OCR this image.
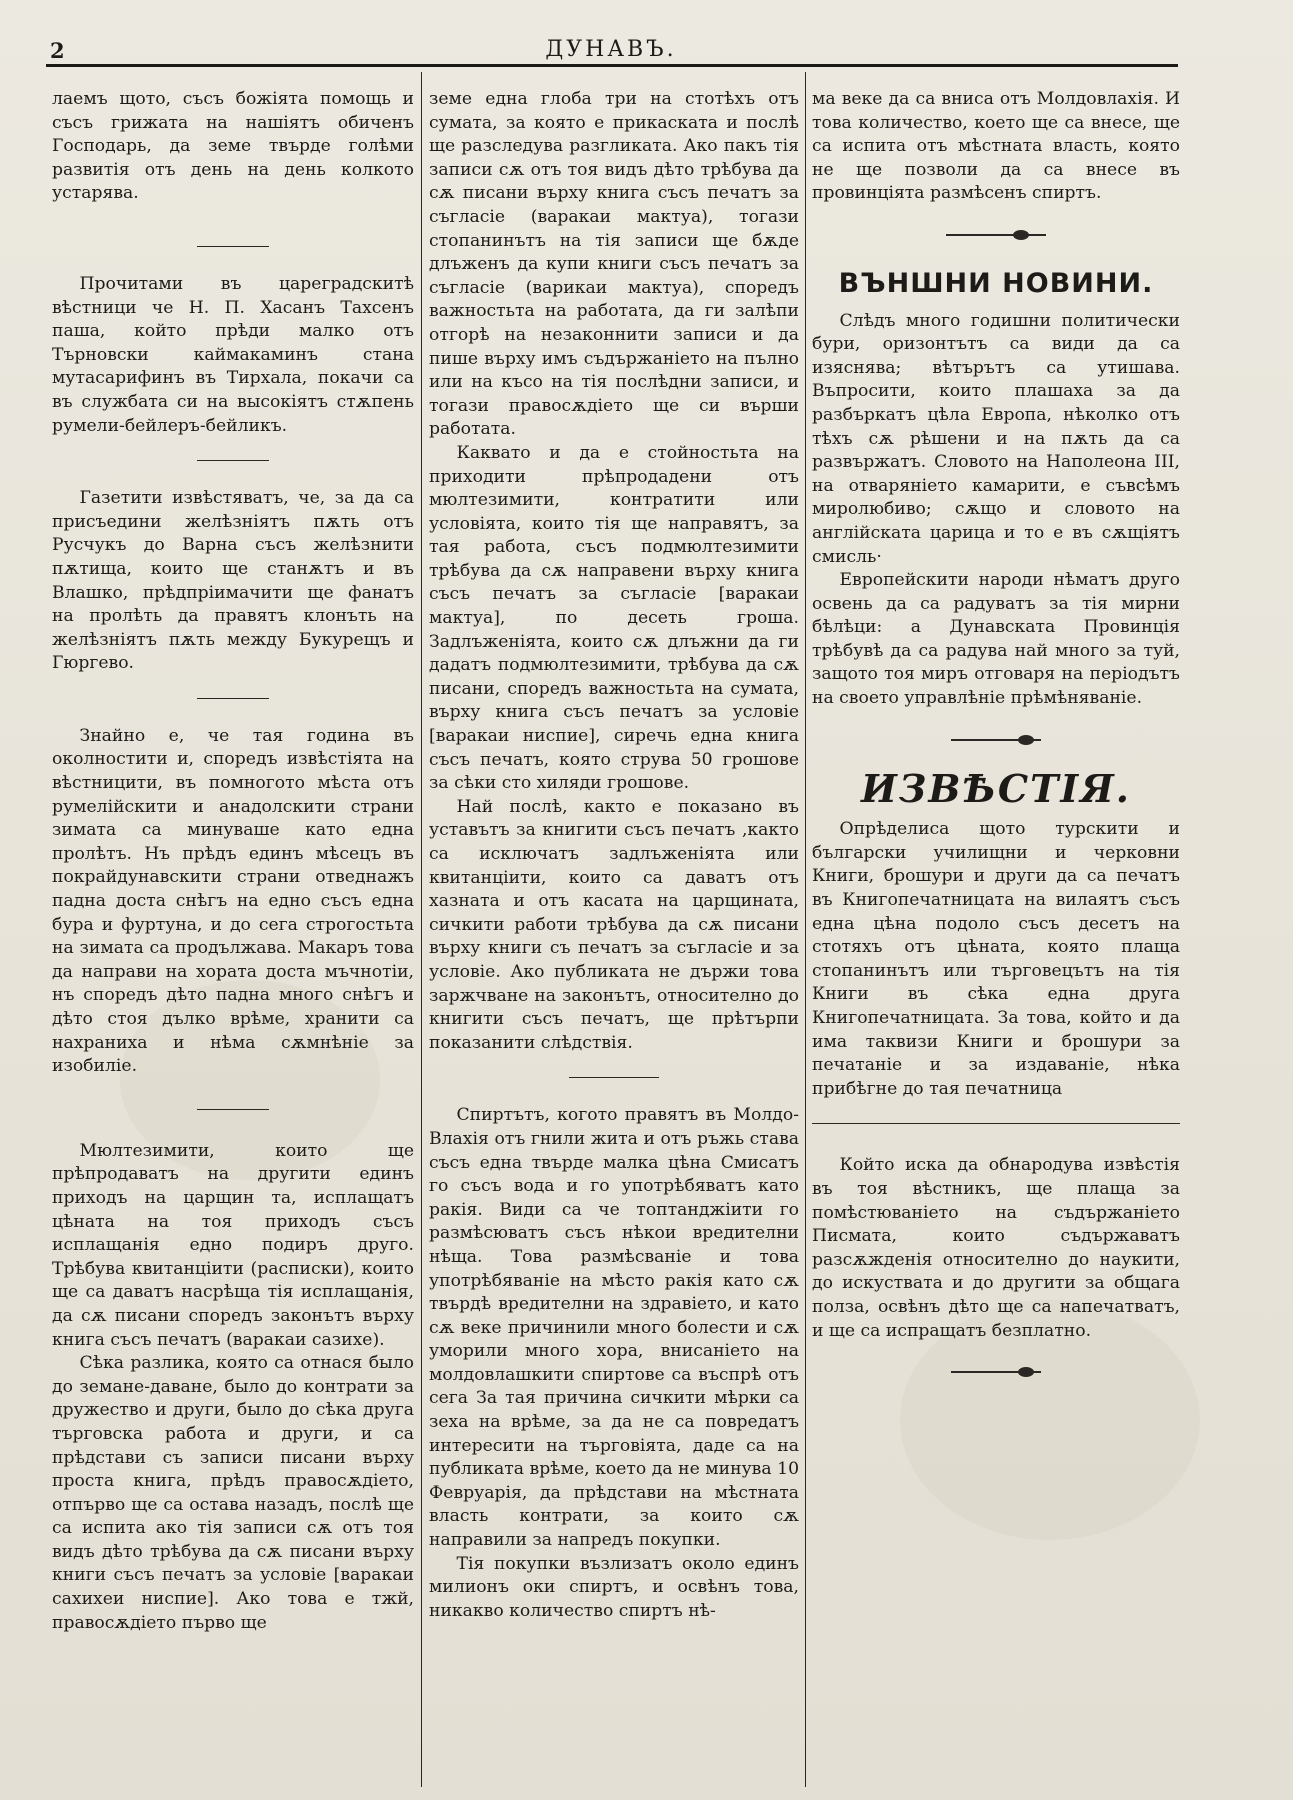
2	ДУНАВЪ.

лаемъ щото, съсъ божіята помощь и съсъ грижата на нашіятъ обиченъ Господарь, да земе твърде голѣми развитія отъ день на день колкото устарява.

Прочитами въ цареградскитѣ вѣстници че Н. П. Хасанъ Тахсенъ паша, който прѣди малко отъ Търновски каймакаминъ стана мутасарифинъ въ Тирхала, покачи са въ службата си на высокіятъ стѫпень румели-бейлеръ-бейликъ.

Газетити извѣстяватъ, че, за да са присъедини желѣзніятъ пѫть отъ Русчукъ до Варна съсъ желѣзнити пѫтища, които ще станѫтъ и въ Влашко, прѣдпріимачити ще фанатъ на пролѣть да правятъ клонъть на желѣзніятъ пѫть между Букурещъ и Гюргево.

Знайно е, че тая година въ околностити и, споредъ извѣстіята на вѣстницити, въ помногото мѣста отъ румелійскити и анадолскити страни зимата са минуваше като една пролѣтъ. Нъ прѣдъ единъ мѣсецъ въ покрайдунавскити страни отведнажъ падна доста снѣгъ на едно съсъ една бура и фуртуна, и до сега строгостьта на зимата са продължава. Макаръ това да направи на хората доста мъчнотіи, нъ споредъ дѣто падна много снѣгъ и дѣто стоя дълко врѣме, хранити са нахраниха и нѣма сѫмнѣніе за изобиліе.

Мюлтезимити, които ще прѣпродаватъ на другити единъ приходъ на царщин та, исплащатъ цѣната на тоя приходъ съсъ исплащанія едно подиръ друго. Трѣбува квитанціити (расписки), които ще са даватъ насрѣща тія исплащанія, да сѫ писани споредъ законътъ върху книга съсъ печатъ (варакаи сазихе).

Сѣка разлика, която са отнася было до земане-даване, было до контрати за дружество и други, было до сѣка друга търговска работа и други, и са прѣдстави съ записи писани върху проста книга, прѣдъ правосѫдіето, отпърво ще са остава назадъ, послѣ ще са испита ако тія записи сѫ отъ тоя видъ дѣто трѣбува да сѫ писани върху книги съсъ печатъ за условіе [варакаи сахихеи ниспие]. Ако това е тжй, правосѫдіето първо ще

земе една глоба три на стотѣхъ отъ сумата, за която е прикаската и послѣ ще разследува разгликата. Ако пакъ тія записи сѫ отъ тоя видъ дѣто трѣбува да сѫ писани върху книга съсъ печатъ за съгласіе (варакаи мактуа), тогази стопанинътъ на тія записи ще бѫде длъженъ да купи книги съсъ печатъ за съгласіе (варикаи мактуа), споредъ важностьта на работата, да ги залѣпи отгорѣ на незаконнити записи и да пише върху имъ съдържаніето на пълно или на късо на тія послѣдни записи, и тогази правосѫдіето ще си върши работата.

Каквато и да е стойностьта на приходити прѣпродадени отъ мюлтезимити, контратити или условіята, които тія ще направятъ, за тая работа, съсъ подмюлтезимити трѣбува да сѫ направени върху книга съсъ печатъ за съгласіе [варакаи мактуа], по десеть гроша. Задлъженіята, които сѫ длъжни да ги дадатъ подмюлтезимити, трѣбува да сѫ писани, споредъ важностьта на сумата, върху книга съсъ печатъ за условіе [варакаи ниспие], сиречь една книга съсъ печатъ, която струва 50 грошове за сѣки сто хиляди грошове.

Най послѣ, както е показано въ уставътъ за книгити съсъ печатъ ,както са исключатъ задлъженіята или квитанціити, които са даватъ отъ хазната и отъ касата на царщината, сичкити работи трѣбува да сѫ писани върху книги съ печатъ за съгласіе и за условіе. Ако публиката не държи това заржчване на законътъ, относително до книгити съсъ печатъ, ще прѣтърпи показанити слѣдствія.

Спиртътъ, когото правятъ въ Молдо-Влахія отъ гнили жита и отъ ръжь става съсъ една твърде малка цѣна Смисатъ го съсъ вода и го употрѣбяватъ като ракія. Види са че топтанджіити го размѣсюватъ съсъ нѣкои вредителни нѣща. Това размѣсваніе и това употрѣбяваніе на мѣсто ракія като сѫ твърдѣ вредителни на здравіето, и като сѫ веке причинили много болести и сѫ уморили много хора, внисаніето на молдовлашкити спиртове са въспрѣ отъ сега За тая причина сичкити мѣрки са зеха на врѣме, за да не са повредатъ интересити на търговіята, даде са на публиката врѣме, което да не минува 10 Февруарія, да прѣдстави на мѣстната власть контрати, за които сѫ направили за напредъ покупки.

Тія покупки възлизатъ около единъ милионъ оки спиртъ, и освѣнъ това, никакво количество спиртъ нѣ-

ма веке да са вниса отъ Молдовлахія. И това количество, което ще са внесе, ще са испита отъ мѣстната власть, която не ще позволи да са внесе въ провинціята размѣсенъ спиртъ.

ВЪНШНИ НОВИНИ.

Слѣдъ много годишни политически бури, оризонтътъ са види да са изяснява; вѣтърътъ са утишава. Въпросити, които плашаха за да разбъркатъ цѣла Европа, нѣколко отъ тѣхъ сѫ рѣшени и на пѫть да са развържатъ. Словото на Наполеона III, на отваряніето камарити, е съвсѣмъ миролюбиво; сѫщо и словото на англійската царица и то е въ сѫщіятъ смисль·

Европейскити народи нѣматъ друго освень да са радуватъ за тія мирни бѣлѣци: а Дунавската Провинція трѣбувѣ да са радува най много за туй, защото тоя миръ отговаря на періодътъ на своето управлѣніе прѣмѣняваніе.

ИЗВѢСТІЯ.

Опрѣделиса щото турскити и български училищни и черковни Книги, брошури и други да са печатъ въ Книгопечатницата на вилаятъ съсъ една цѣна подоло съсъ десетъ на стотяхъ отъ цѣната, която плаща стопанинътъ или търговецътъ на тія Книги въ сѣка една друга Книгопечатницата. За това, който и да има таквизи Книги и брошури за печатаніе и за издаваніе, нѣка прибѣгне до тая печатница

Който иска да обнародува извѣстія въ тоя вѣстникъ, ще плаща за помѣстюваніето на съдържаніето Писмата, които съдържаватъ разсѫжденія относително до наукити, до искуствата и до другити за общага полза, освѣнъ дѣто ще са напечатватъ, и ще са испращатъ безплатно.
